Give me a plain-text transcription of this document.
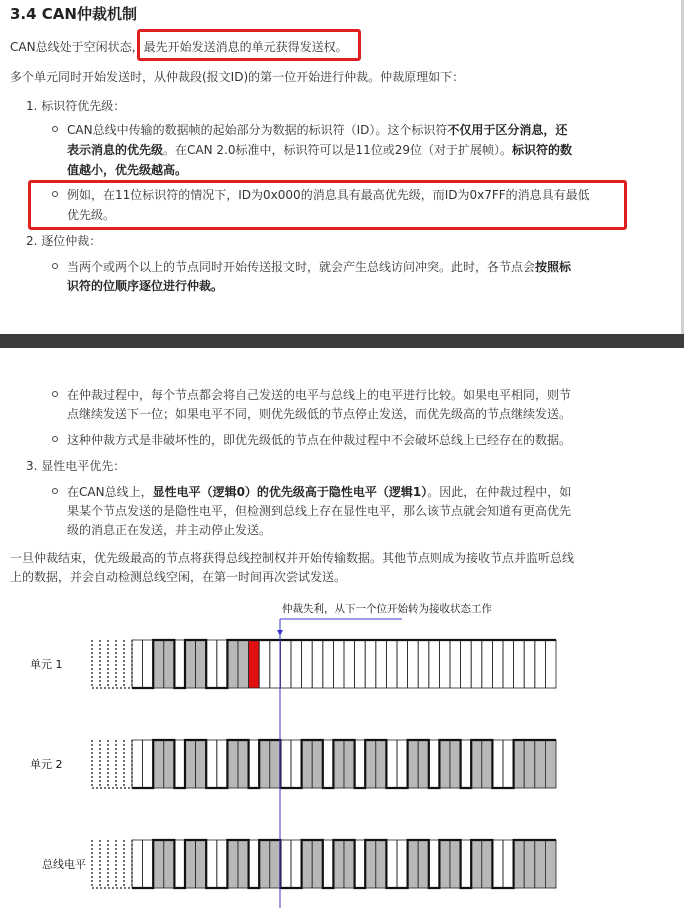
3.4 CAN仲裁机制
CAN总线处于空闲状态，最先开始发送消息的单元获得发送权。
多个单元同时开始发送时，从仲裁段(报文ID)的第一位开始进行仲裁。仲裁原理如下：
1. 标识符优先级：
CAN总线中传输的数据帧的起始部分为数据的标识符（ID）。这个标识符不仅用于区分消息，还
表示消息的优先级。在CAN 2.0标准中，标识符可以是11位或29位（对于扩展帧）。标识符的数
值越小，优先级越高。
例如，在11位标识符的情况下，ID为0x000的消息具有最高优先级，而ID为0x7FF的消息具有最低
优先级。
2. 逐位仲裁：
当两个或两个以上的节点同时开始传送报文时，就会产生总线访问冲突。此时，各节点会按照标
识符的位顺序逐位进行仲裁。
在仲裁过程中，每个节点都会将自己发送的电平与总线上的电平进行比较。如果电平相同，则节
点继续发送下一位；如果电平不同，则优先级低的节点停止发送，而优先级高的节点继续发送。
这种仲裁方式是非破坏性的，即优先级低的节点在仲裁过程中不会破坏总线上已经存在的数据。
3. 显性电平优先：
在CAN总线上，显性电平（逻辑0）的优先级高于隐性电平（逻辑1）。因此，在仲裁过程中，如
果某个节点发送的是隐性电平，但检测到总线上存在显性电平，那么该节点就会知道有更高优先
级的消息正在发送，并主动停止发送。
一旦仲裁结束，优先级最高的节点将获得总线控制权并开始传输数据。其他节点则成为接收节点并监听总线
上的数据，并会自动检测总线空闲，在第一时间再次尝试发送。
仲裁失利，从下一个位开始转为接收状态工作
单元 1
单元 2
总线电平
